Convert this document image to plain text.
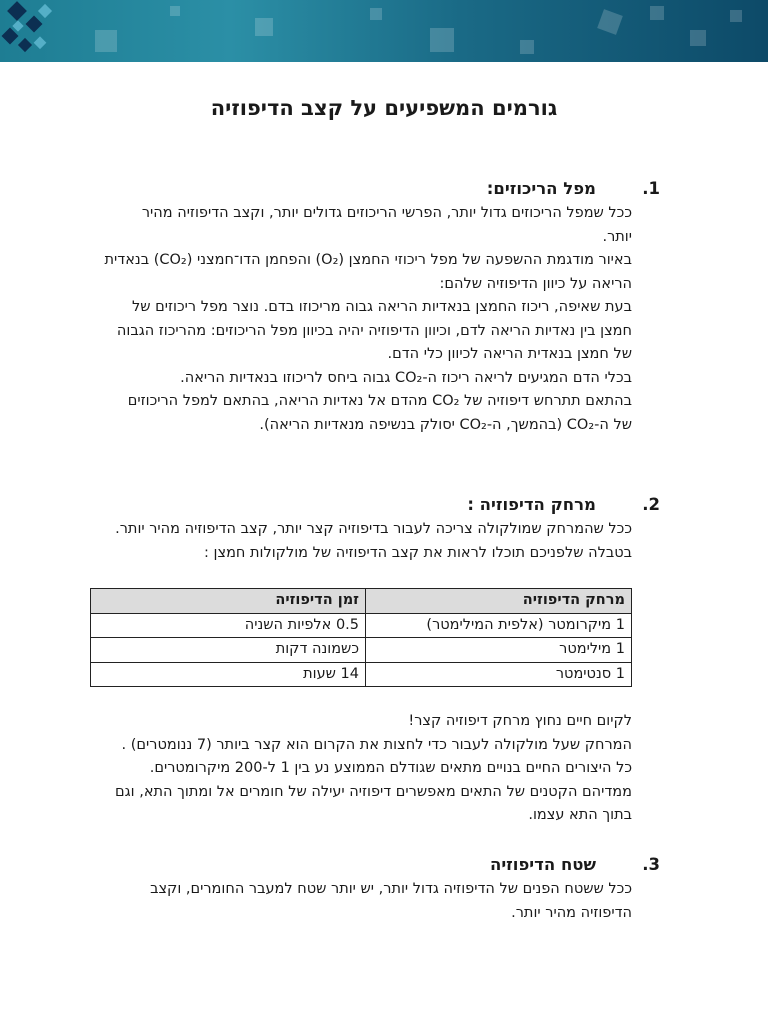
גורמים המשפיעים על קצב הדיפוזיה
1.מפל הריכוזים:

ככל שמפל הריכוזים גדול יותר, הפרשי הריכוזים גדולים יותר, וקצב הדיפוזיה מהיר

יותר.

באיור מודגמת ההשפעה של מפל ריכוזי החמצן (O₂) והפחמן הדו־חמצני (CO₂) בנאדית

הריאה על כיוון הדיפוזיה שלהם:

בעת שאיפה, ריכוז החמצן בנאדיות הריאה גבוה מריכוזו בדם. נוצר מפל ריכוזים של

חמצן בין נאדיות הריאה לדם, וכיוון הדיפוזיה יהיה בכיוון מפל הריכוזים: מהריכוז הגבוה

של חמצן בנאדית הריאה לכיוון כלי הדם.

בכלי הדם המגיעים לריאה ריכוז ה-CO₂ גבוה ביחס לריכוזו בנאדיות הריאה.

בהתאם תתרחש דיפוזיה של CO₂ מהדם אל נאדיות הריאה, בהתאם למפל הריכוזים

של ה-CO₂ (בהמשך, ה-CO₂ יסולק בנשיפה מנאדיות הריאה).

2.מרחק הדיפוזיה :

ככל שהמרחק שמולקולה צריכה לעבור בדיפוזיה קצר יותר, קצב הדיפוזיה מהיר יותר.

בטבלה שלפניכם תוכלו לראות את קצב הדיפוזיה של מולקולות חמצן :

מרחק הדיפוזיה	זמן הדיפוזיה
1 מיקרומטר (אלפית המילימטר)	0.5 אלפיות השניה
1 מילימטר	כשמונה דקות
1 סנטימטר	14 שעות

לקיום חיים נחוץ מרחק דיפוזיה קצר!

המרחק שעל מולקולה לעבור כדי לחצות את הקרום הוא קצר ביותר (7 ננומטרים) .

כל היצורים החיים בנויים מתאים שגודלם הממוצע נע בין 1 ל-200 מיקרומטרים.

ממדיהם הקטנים של התאים מאפשרים דיפוזיה יעילה של חומרים אל ומתוך התא, וגם

בתוך התא עצמו.

3.שטח הדיפוזיה

ככל ששטח הפנים של הדיפוזיה גדול יותר, יש יותר שטח למעבר החומרים, וקצב

הדיפוזיה מהיר יותר.
